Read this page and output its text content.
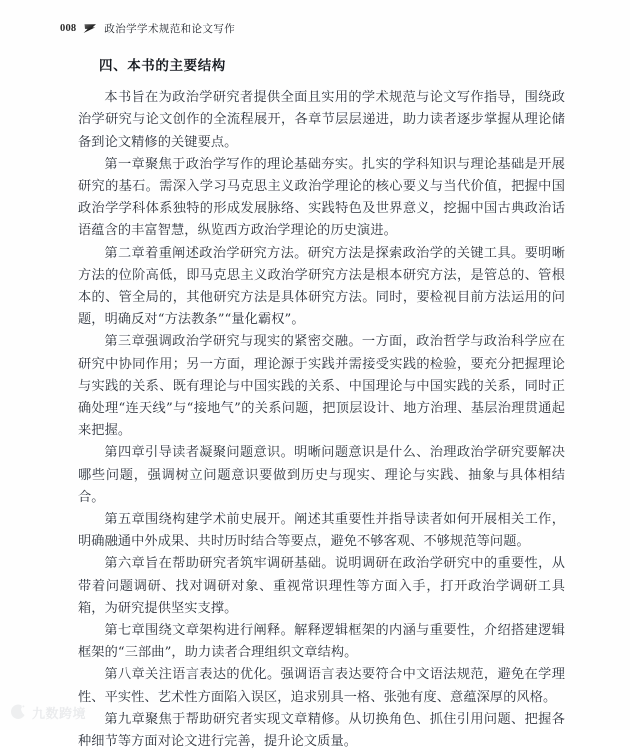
008	政治学学术规范和论文写作
四、本书的主要结构

本书旨在为政治学研究者提供全面且实用的学术规范与论文写作指导，围绕政治学研究与论文创作的全流程展开，各章节层层递进，助力读者逐步掌握从理论储备到论文精修的关键要点。

第一章聚焦于政治学写作的理论基础夯实。扎实的学科知识与理论基础是开展研究的基石。需深入学习马克思主义政治学理论的核心要义与当代价值，把握中国政治学学科体系独特的形成发展脉络、实践特色及世界意义，挖掘中国古典政治话语蕴含的丰富智慧，纵览西方政治学理论的历史演进。

第二章着重阐述政治学研究方法。研究方法是探索政治学的关键工具。要明晰方法的位阶高低，即马克思主义政治学研究方法是根本研究方法，是管总的、管根本的、管全局的，其他研究方法是具体研究方法。同时，要检视目前方法运用的问题，明确反对“方法教条”“量化霸权”。

第三章强调政治学研究与现实的紧密交融。一方面，政治哲学与政治科学应在研究中协同作用；另一方面，理论源于实践并需接受实践的检验，要充分把握理论与实践的关系、既有理论与中国实践的关系、中国理论与中国实践的关系，同时正确处理“连天线”与“接地气”的关系问题，把顶层设计、地方治理、基层治理贯通起来把握。

第四章引导读者凝聚问题意识。明晰问题意识是什么、治理政治学研究要解决哪些问题，强调树立问题意识要做到历史与现实、理论与实践、抽象与具体相结合。

第五章围绕构建学术前史展开。阐述其重要性并指导读者如何开展相关工作，明确融通中外成果、共时历时结合等要点，避免不够客观、不够规范等问题。

第六章旨在帮助研究者筑牢调研基础。说明调研在政治学研究中的重要性，从带着问题调研、找对调研对象、重视常识理性等方面入手，打开政治学调研工具箱，为研究提供坚实支撑。

第七章围绕文章架构进行阐释。解释逻辑框架的内涵与重要性，介绍搭建逻辑框架的“三部曲”，助力读者合理组织文章结构。

第八章关注语言表达的优化。强调语言表达要符合中文语法规范，避免在学理性、平实性、艺术性方面陷入误区，追求别具一格、张弛有度、意蕴深厚的风格。

第九章聚焦于帮助研究者实现文章精修。从切换角色、抓住引用问题、把握各种细节等方面对论文进行完善，提升论文质量。

九数跨境
